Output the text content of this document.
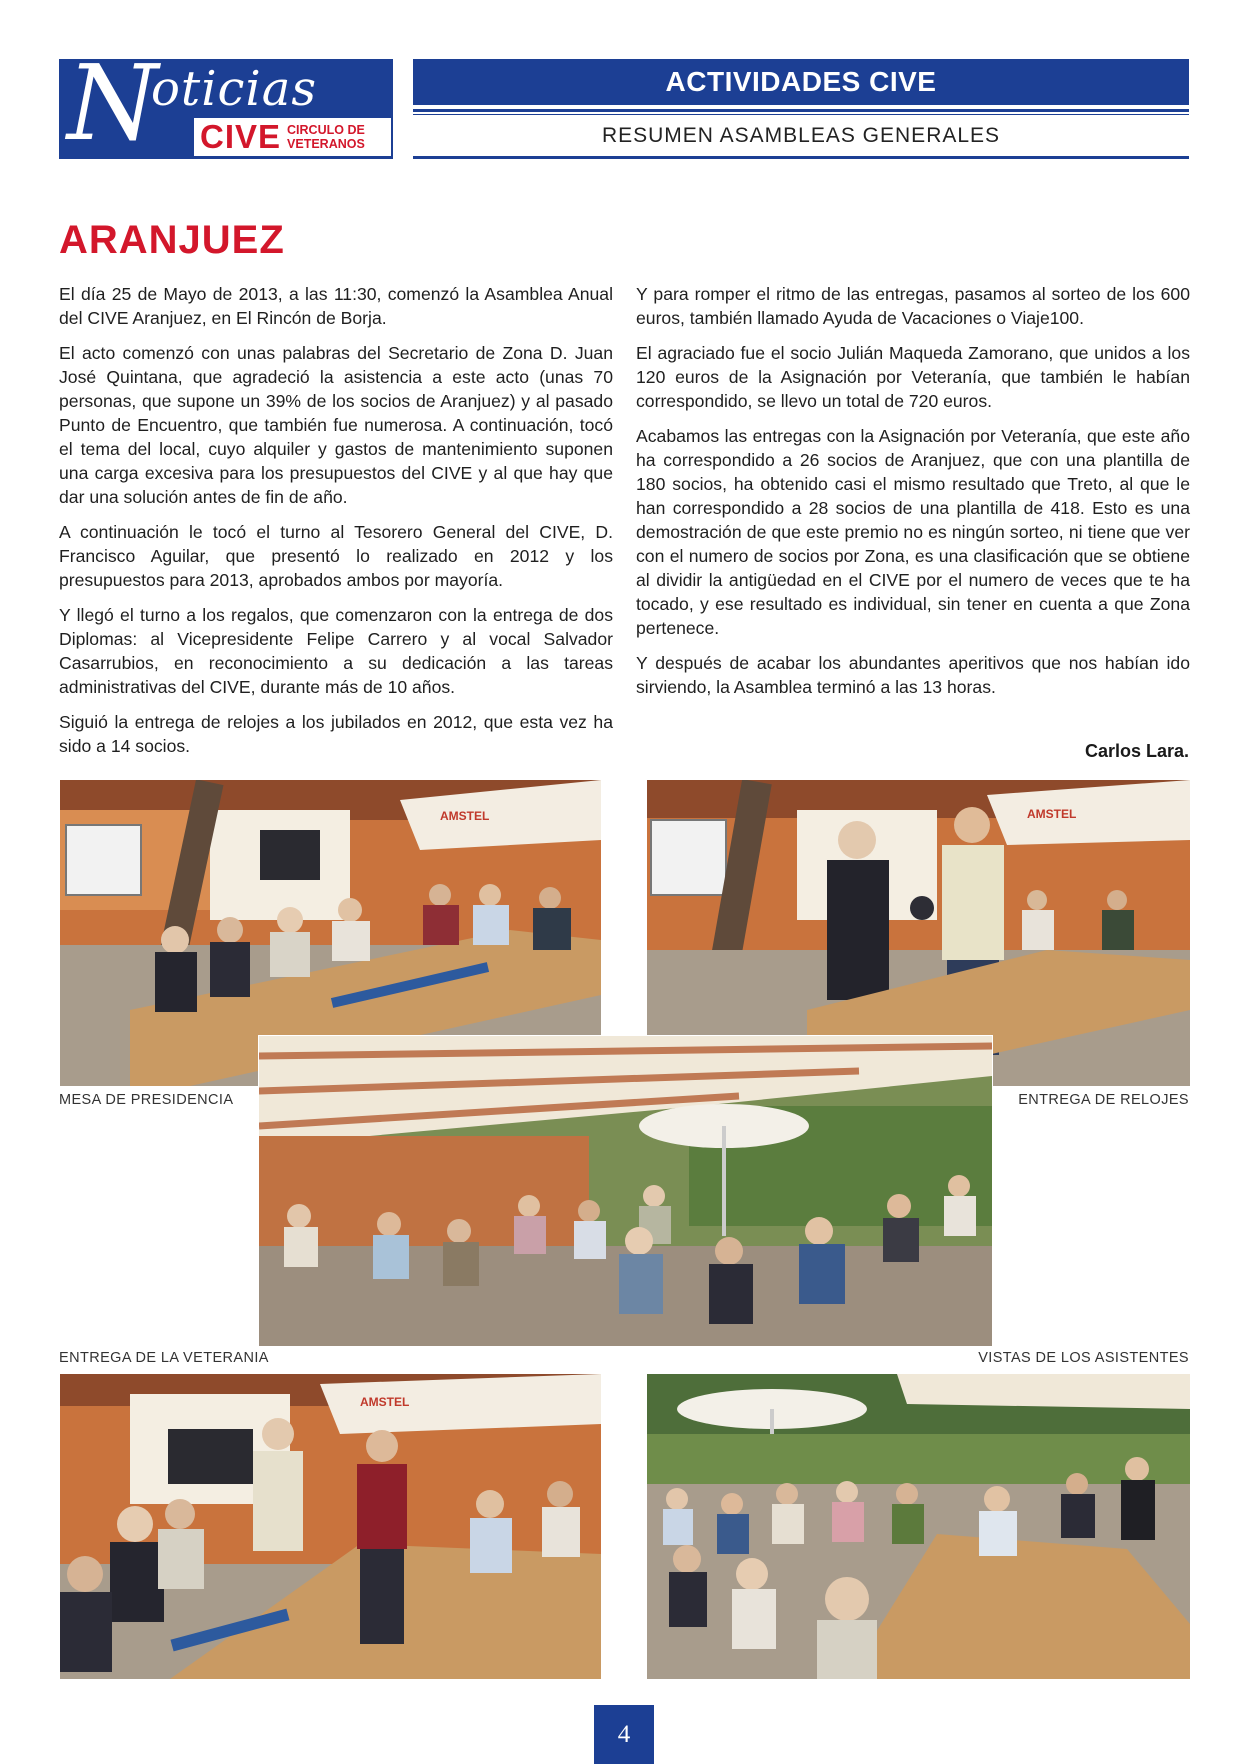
N
oticias
CIVE CIRCULO DE
VETERANOS
ACTIVIDADES CIVE
RESUMEN ASAMBLEAS GENERALES
ARANJUEZ

El día 25 de Mayo de 2013, a las 11:30, comenzó la Asamblea Anual del CIVE Aranjuez, en El Rincón de Borja.

El acto comenzó con unas palabras del Secretario de Zona D. Juan José Quintana, que agradeció la asistencia a este acto (unas 70 personas, que supone un 39% de los socios de Aranjuez) y al pasado Punto de Encuentro, que también fue numerosa. A continuación, tocó el tema del local, cuyo alquiler y gastos de mantenimiento suponen una carga excesiva para los presupuestos del CIVE y al que hay que dar una solución antes de fin de año.

A continuación le tocó el turno al Tesorero General del CIVE, D. Francisco Aguilar, que presentó lo realizado en 2012 y los presupuestos para 2013, aprobados ambos por mayoría.

Y llegó el turno a los regalos, que comenzaron con la entrega de dos Diplomas: al Vicepresidente Felipe Carrero y al vocal Salvador Casarrubios, en reconocimiento a su dedicación a las tareas administrativas del CIVE, durante más de 10 años.

Siguió la entrega de relojes a los jubilados en 2012, que esta vez ha sido a 14 socios.

Y para romper el ritmo de las entregas, pasamos al sorteo de los 600 euros, también llamado Ayuda de Vacaciones o Viaje100.

El agraciado fue el socio Julián Maqueda Zamorano, que unidos a los 120 euros de la Asignación por Veteranía, que también le habían correspondido, se llevo un total de 720 euros.

Acabamos las entregas con la Asignación por Veteranía, que este año ha correspondido a 26 socios de Aranjuez, que con una plantilla de 180 socios, ha obtenido casi el mismo resultado que Treto, al que le han correspondido a 28 socios de una plantilla de 418. Esto es una demostración de que este premio no es ningún sorteo, ni tiene que ver con el numero de socios por Zona, es una clasificación que se obtiene al dividir la antigüedad en el CIVE por el numero de veces que te ha tocado, y ese resultado es individual, sin tener en cuenta a que Zona pertenece.

Y después de acabar los abundantes aperitivos que nos habían ido sirviendo, la Asamblea terminó a las 13 horas.

Carlos Lara.
AMSTEL	AMSTEL
MESA DE PRESIDENCIA	ENTREGA DE RELOJES
ENTREGA DE LA VETERANIA	VISTAS DE LOS ASISTENTES
AMSTEL
4
